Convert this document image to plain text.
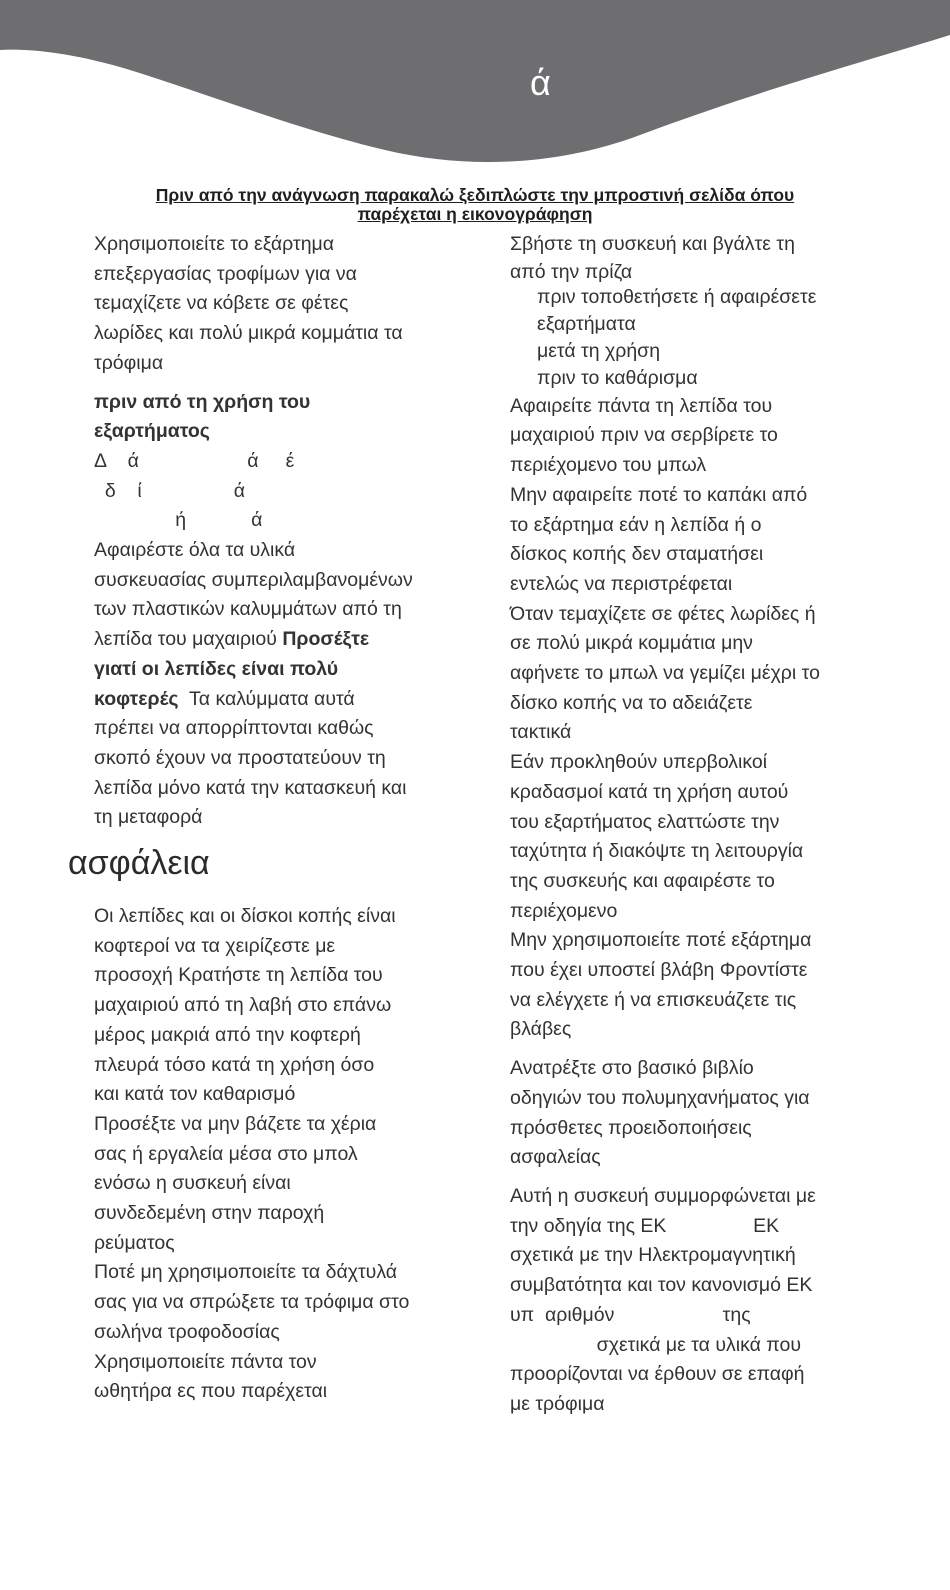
ά
Πριν από την ανάγνωση παρακαλώ ξεδιπλώστε την μπροστινή σελίδα όπου
παρέχεται η εικονογράφηση

Χρησιμοποιείτε το εξάρτημα

επεξεργασίας τροφίμων για να

τεμαχίζετε να κόβετε σε φέτες

λωρίδες και πολύ μικρά κομμάτια τα

τρόφιμα

πριν από τη χρήση του

εξαρτήματος

Δ    ά                    ά     έ

δ    ί                 ά

ή            ά

Αφαιρέστε όλα τα υλικά

συσκευασίας συμπεριλαμβανομένων

των πλαστικών καλυμμάτων από τη

λεπίδα του μαχαιριού Προσέξτε

γιατί οι λεπίδες είναι πολύ

κοφτερές  Τα καλύμματα αυτά

πρέπει να απορρίπτονται καθώς

σκοπό έχουν να προστατεύουν τη

λεπίδα μόνο κατά την κατασκευή και

τη μεταφορά

ασφάλεια

Οι λεπίδες και οι δίσκοι κοπής είναι

κοφτεροί να τα χειρίζεστε με

προσοχή Κρατήστε τη λεπίδα του

μαχαιριού από τη λαβή στο επάνω

μέρος μακριά από την κοφτερή

πλευρά τόσο κατά τη χρήση όσο

και κατά τον καθαρισμό

Προσέξτε να μην βάζετε τα χέρια

σας ή εργαλεία μέσα στο μπολ

ενόσω η συσκευή είναι

συνδεδεμένη στην παροχή

ρεύματος

Ποτέ μη χρησιμοποιείτε τα δάχτυλά

σας για να σπρώξετε τα τρόφιμα στο

σωλήνα τροφοδοσίας

Χρησιμοποιείτε πάντα τον

ωθητήρα ες που παρέχεται

Σβήστε τη συσκευή και βγάλτε τη

από την πρίζα

πριν τοποθετήσετε ή αφαιρέσετε

εξαρτήματα

μετά τη χρήση

πριν το καθάρισμα

Αφαιρείτε πάντα τη λεπίδα του

μαχαιριού πριν να σερβίρετε το

περιέχομενο του μπωλ

Μην αφαιρείτε ποτέ το καπάκι από

το εξάρτημα εάν η λεπίδα ή ο

δίσκος κοπής δεν σταματήσει

εντελώς να περιστρέφεται

Όταν τεμαχίζετε σε φέτες λωρίδες ή

σε πολύ μικρά κομμάτια μην

αφήνετε το μπωλ να γεμίζει μέχρι το

δίσκο κοπής να το αδειάζετε

τακτικά

Εάν προκληθούν υπερβολικοί

κραδασμοί κατά τη χρήση αυτού

του εξαρτήματος ελαττώστε την

ταχύτητα ή διακόψτε τη λειτουργία

της συσκευής και αφαιρέστε το

περιέχομενο

Μην χρησιμοποιείτε ποτέ εξάρτημα

που έχει υποστεί βλάβη Φροντίστε

να ελέγχετε ή να επισκευάζετε τις

βλάβες

Ανατρέξτε στο βασικό βιβλίο

οδηγιών του πολυμηχανήματος για

πρόσθετες προειδοποιήσεις

ασφαλείας

Αυτή η συσκευή συμμορφώνεται με

την οδηγία της ΕΚ                ΕΚ

σχετικά με την Ηλεκτρομαγνητική

συμβατότητα και τον κανονισμό ΕΚ

υπ  αριθμόν                    της

σχετικά με τα υλικά που

προορίζονται να έρθουν σε επαφή

με τρόφιμα
